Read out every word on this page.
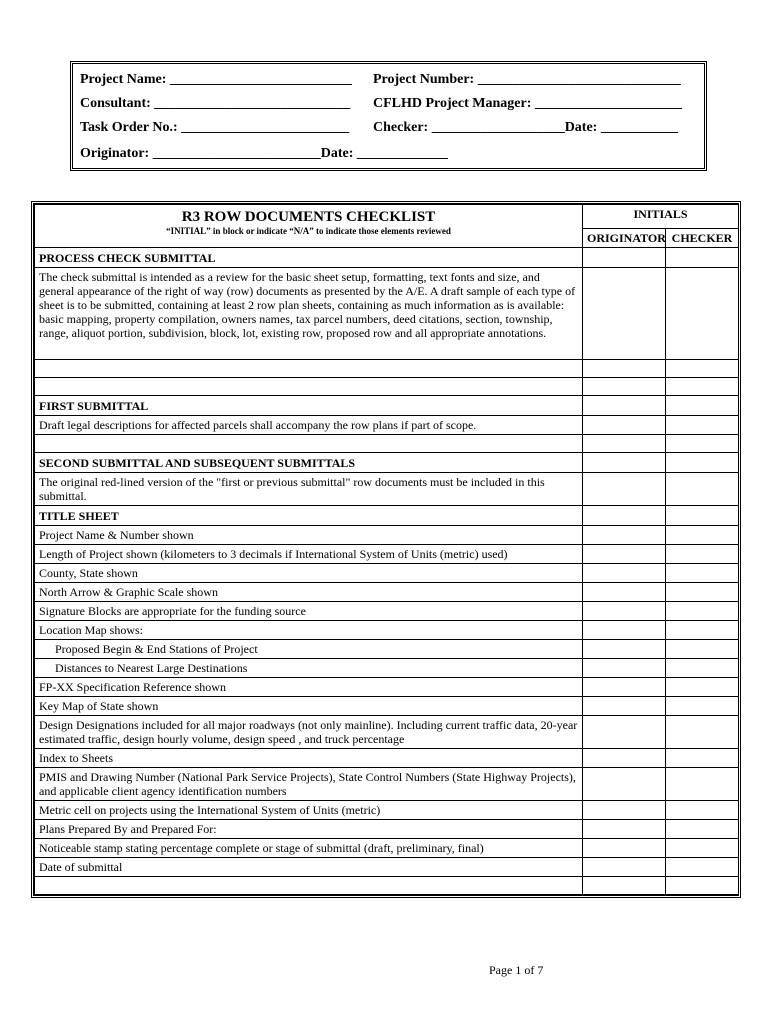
Project Name: __________________________ Project Number: _____________________________
Consultant: ____________________________ CFLHD Project Manager: _____________________
Task Order No.: ________________________ Checker: ___________________Date: ___________
Originator: ________________________Date: _____________
R3 ROW DOCUMENTS CHECKLIST
“INITIAL” in block or indicate “N/A” to indicate those elements reviewed	INITIALS	
	ORIGINATOR	CHECKER
PROCESS CHECK SUBMITTAL		
The check submittal is intended as a review for the basic sheet setup, formatting, text fonts and size, and general appearance of the right of way (row) documents as presented by the A/E. A draft sample of each type of sheet is to be submitted, containing at least 2 row plan sheets, containing as much information as is available: basic mapping, property compilation, owners names, tax parcel numbers, deed citations, section, township, range, aliquot portion, subdivision, block, lot, existing row, proposed row and all appropriate annotations.		

FIRST SUBMITTAL		
Draft legal descriptions for affected parcels shall accompany the row plans if part of scope.		

SECOND SUBMITTAL AND SUBSEQUENT SUBMITTALS		
The original red-lined version of the "first or previous submittal" row documents must be included in this submittal.		
TITLE SHEET		
Project Name & Number shown		
Length of Project shown (kilometers to 3 decimals if International System of Units (metric) used)		
County, State shown		
North Arrow & Graphic Scale shown		
Signature Blocks are appropriate for the funding source		
Location Map shows:		
Proposed Begin & End Stations of Project		
Distances to Nearest Large Destinations		
FP-XX Specification Reference shown		
Key Map of State shown		
Design Designations included for all major roadways (not only mainline). Including current traffic data, 20-year estimated traffic, design hourly volume, design speed , and truck percentage		
Index to Sheets		
PMIS and Drawing Number (National Park Service Projects), State Control Numbers (State Highway Projects), and applicable client agency identification numbers		
Metric cell on projects using the International System of Units (metric)		
Plans Prepared By and Prepared For:		
Noticeable stamp stating percentage complete or stage of submittal (draft, preliminary, final)		
Date of submittal		

Page 1 of 7
